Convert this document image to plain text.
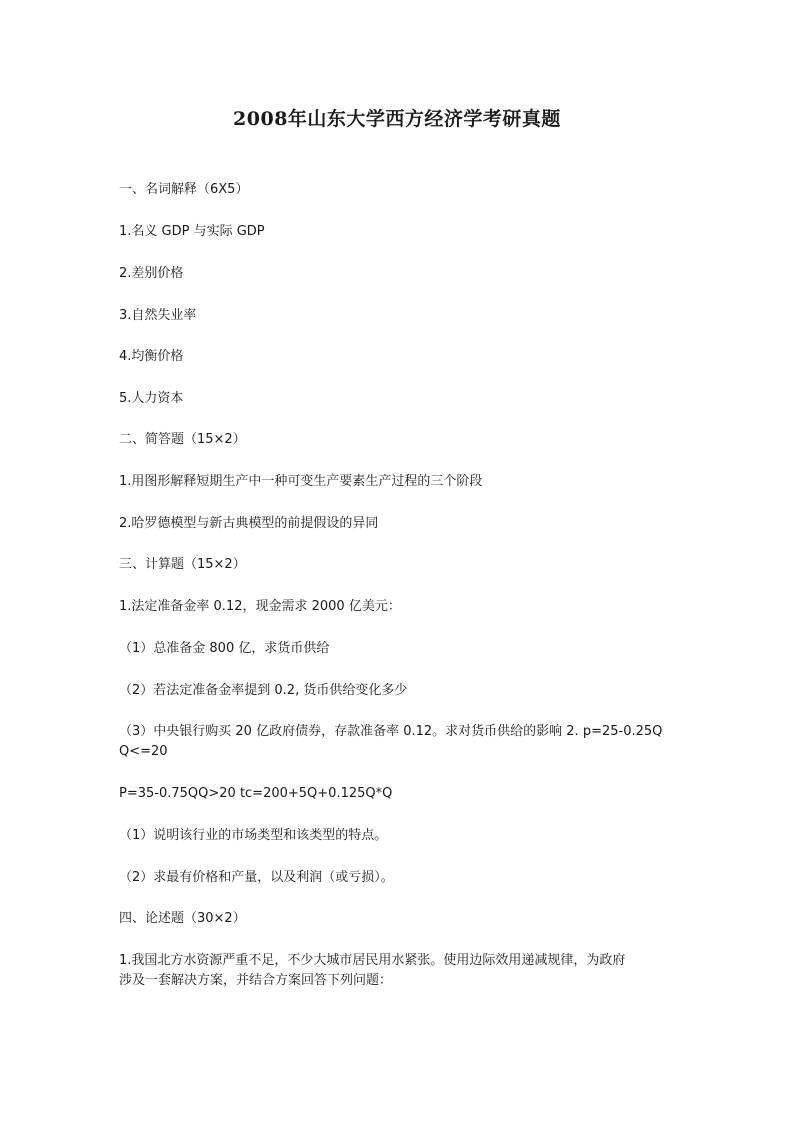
2008年山东大学西方经济学考研真题
一、名词解释（6X5）
1.名义 GDP 与实际 GDP
2.差别价格
3.自然失业率
4.均衡价格
5.人力资本
二、简答题（15×2）
1.用图形解释短期生产中一种可变生产要素生产过程的三个阶段
2.哈罗德模型与新古典模型的前提假设的异同
三、计算题（15×2）
1.法定准备金率 0.12，现金需求 2000 亿美元：
（1）总准备金 800 亿，求货币供给
（2）若法定准备金率提到 0.2, 货币供给变化多少
（3）中央银行购买 20 亿政府债券，存款准备率 0.12。求对货币供给的影响 2. p=25-0.25Q
Q<=20
P=35-0.75QQ>20 tc=200+5Q+0.125Q*Q
（1）说明该行业的市场类型和该类型的特点。
（2）求最有价格和产量，以及利润（或亏损）。
四、论述题（30×2）
1.我国北方水资源严重不足，不少大城市居民用水紧张。使用边际效用递减规律，为政府
涉及一套解决方案，并结合方案回答下列问题：
